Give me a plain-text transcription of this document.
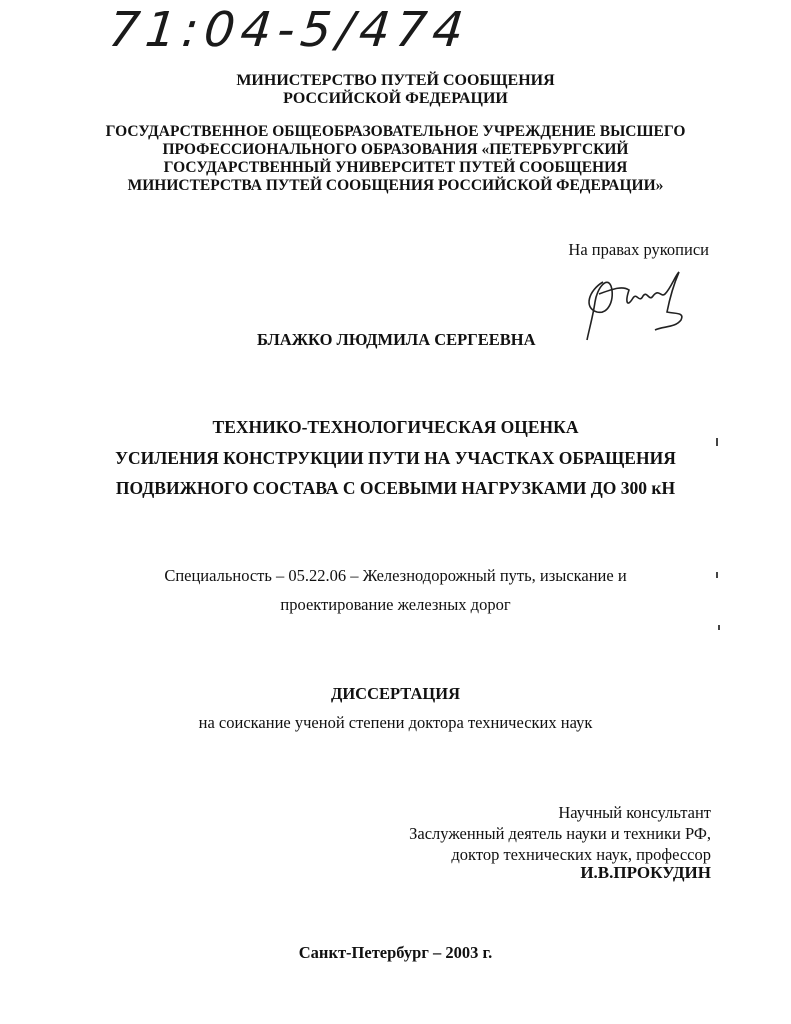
71:04-5/474
МИНИСТЕРСТВО ПУТЕЙ СООБЩЕНИЯ
РОССИЙСКОЙ ФЕДЕРАЦИИ
ГОСУДАРСТВЕННОЕ ОБЩЕОБРАЗОВАТЕЛЬНОЕ УЧРЕЖДЕНИЕ ВЫСШЕГО
ПРОФЕССИОНАЛЬНОГО ОБРАЗОВАНИЯ «ПЕТЕРБУРГСКИЙ
ГОСУДАРСТВЕННЫЙ УНИВЕРСИТЕТ ПУТЕЙ СООБЩЕНИЯ
МИНИСТЕРСТВА ПУТЕЙ СООБЩЕНИЯ РОССИЙСКОЙ ФЕДЕРАЦИИ»
На правах рукописи
БЛАЖКО ЛЮДМИЛА СЕРГЕЕВНА
ТЕХНИКО-ТЕХНОЛОГИЧЕСКАЯ ОЦЕНКА
УСИЛЕНИЯ КОНСТРУКЦИИ ПУТИ НА УЧАСТКАХ ОБРАЩЕНИЯ
ПОДВИЖНОГО СОСТАВА С ОСЕВЫМИ НАГРУЗКАМИ ДО 300 кН
Специальность – 05.22.06 – Железнодорожный путь, изыскание и
проектирование железных дорог
ДИССЕРТАЦИЯ
на соискание ученой степени доктора технических наук
Научный консультант
Заслуженный деятель науки и техники РФ,
доктор технических наук, профессор
И.В.ПРОКУДИН
Санкт-Петербург – 2003 г.
